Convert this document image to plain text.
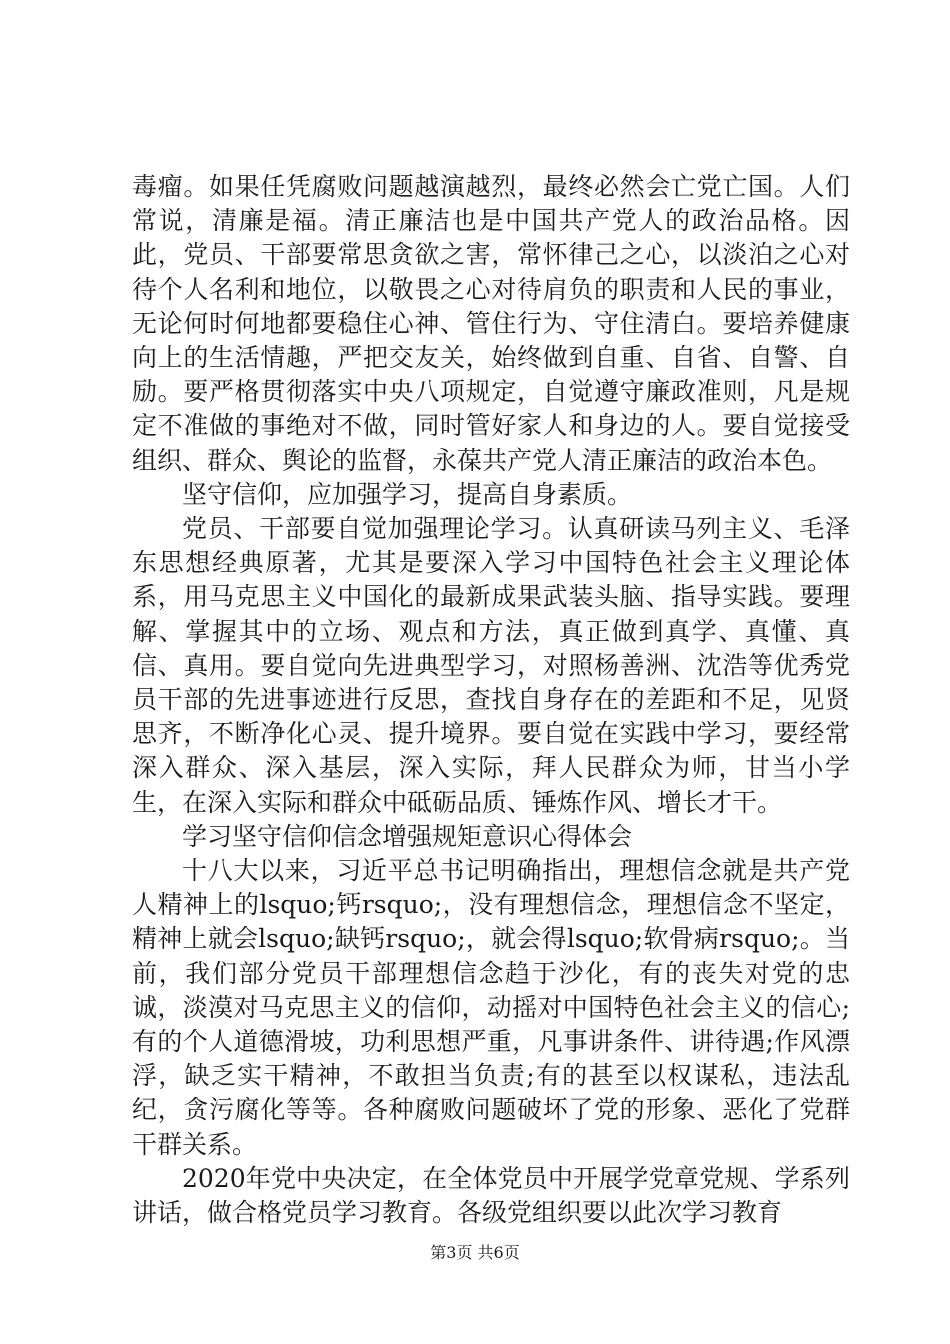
毒瘤。如果任凭腐败问题越演越烈，最终必然会亡党亡国。人们常说，清廉是福。清正廉洁也是中国共产党人的政治品格。因此，党员、干部要常思贪欲之害，常怀律己之心，以淡泊之心对待个人名利和地位，以敬畏之心对待肩负的职责和人民的事业，无论何时何地都要稳住心神、管住行为、守住清白。要培养健康向上的生活情趣，严把交友关，始终做到自重、自省、自警、自励。要严格贯彻落实中央八项规定，自觉遵守廉政准则，凡是规定不准做的事绝对不做，同时管好家人和身边的人。要自觉接受组织、群众、舆论的监督，永葆共产党人清正廉洁的政治本色。

坚守信仰，应加强学习，提高自身素质。

党员、干部要自觉加强理论学习。认真研读马列主义、毛泽东思想经典原著，尤其是要深入学习中国特色社会主义理论体系，用马克思主义中国化的最新成果武装头脑、指导实践。要理解、掌握其中的立场、观点和方法，真正做到真学、真懂、真信、真用。要自觉向先进典型学习，对照杨善洲、沈浩等优秀党员干部的先进事迹进行反思，查找自身存在的差距和不足，见贤思齐，不断净化心灵、提升境界。要自觉在实践中学习，要经常深入群众、深入基层，深入实际，拜人民群众为师，甘当小学生，在深入实际和群众中砥砺品质、锤炼作风、增长才干。

学习坚守信仰信念增强规矩意识心得体会

十八大以来，习近平总书记明确指出，理想信念就是共产党人精神上的lsquo;钙rsquo;，没有理想信念，理想信念不坚定，精神上就会lsquo;缺钙rsquo;，就会得lsquo;软骨病rsquo;。当前，我们部分党员干部理想信念趋于沙化，有的丧失对党的忠诚，淡漠对马克思主义的信仰，动摇对中国特色社会主义的信心;有的个人道德滑坡，功利思想严重，凡事讲条件、讲待遇;作风漂浮，缺乏实干精神，不敢担当负责;有的甚至以权谋私，违法乱纪，贪污腐化等等。各种腐败问题破坏了党的形象、恶化了党群干群关系。

2020年党中央决定，在全体党员中开展学党章党规、学系列讲话，做合格党员学习教育。各级党组织要以此次学习教育

第3页 共6页
